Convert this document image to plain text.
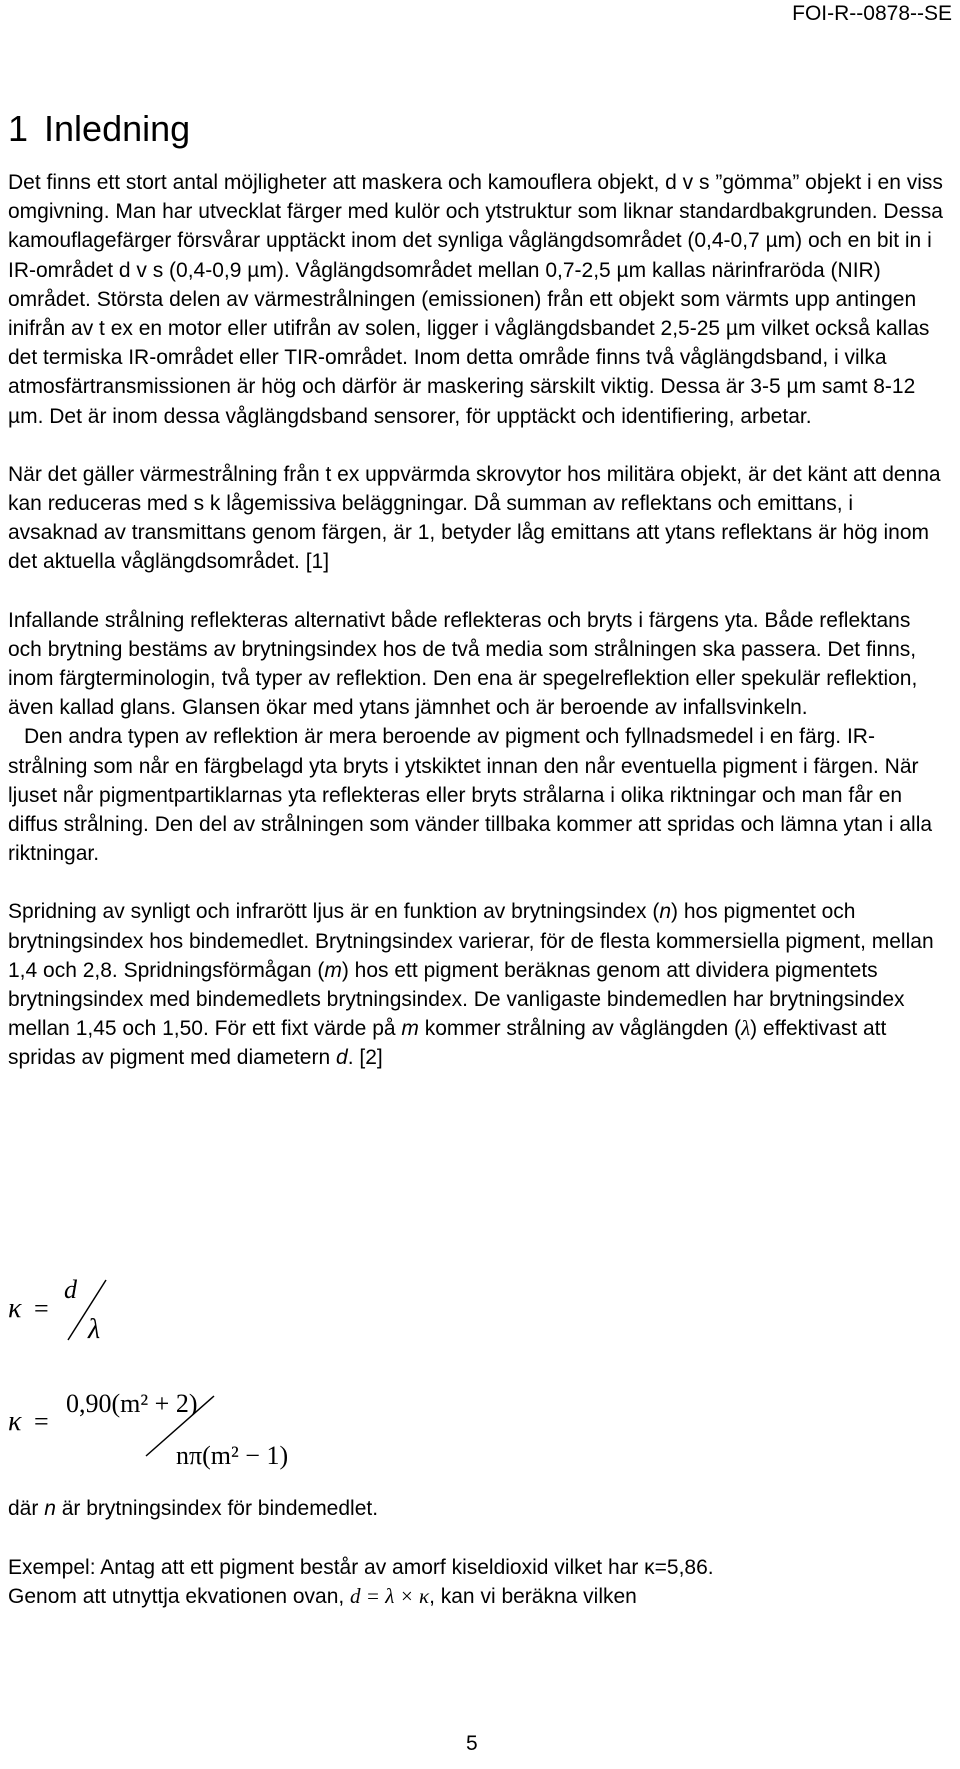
FOI-R--0878--SE
1 Inledning

Det finns ett stort antal möjligheter att maskera och kamouflera objekt, d v s ”gömma” objekt i en viss omgivning. Man har utvecklat färger med kulör och ytstruktur som liknar standardbakgrunden. Dessa kamouflagefärger försvårar upptäckt inom det synliga våglängdsområdet (0,4-0,7 µm) och en bit in i IR-området d v s (0,4-0,9 µm). Våglängdsområdet mellan 0,7-2,5 µm kallas närinfraröda (NIR) området. Största delen av värmestrålningen (emissionen) från ett objekt som värmts upp antingen inifrån av t ex en motor eller utifrån av solen, ligger i våglängdsbandet 2,5-25 µm vilket också kallas det termiska IR-området eller TIR-området. Inom detta område finns två våglängdsband, i vilka atmosfärtransmissionen är hög och därför är maskering särskilt viktig. Dessa är 3-5 µm samt 8-12 µm. Det är inom dessa våglängdsband sensorer, för upptäckt och identifiering, arbetar.

När det gäller värmestrålning från t ex uppvärmda skrovytor hos militära objekt, är det känt att denna kan reduceras med s k lågemissiva beläggningar. Då summan av reflektans och emittans, i avsaknad av transmittans genom färgen, är 1, betyder låg emittans att ytans reflektans är hög inom det aktuella våglängdsområdet. [1]

Infallande strålning reflekteras alternativt både reflekteras och bryts i färgens yta. Både reflektans och brytning bestäms av brytningsindex hos de två media som strålningen ska passera. Det finns, inom färgterminologin, två typer av reflektion. Den ena är spegelreflektion eller spekulär reflektion, även kallad glans. Glansen ökar med ytans jämnhet och är beroende av infallsvinkeln.

Den andra typen av reflektion är mera beroende av pigment och fyllnadsmedel i en färg. IR-strålning som når en färgbelagd yta bryts i ytskiktet innan den når eventuella pigment i färgen. När ljuset når pigmentpartiklarnas yta reflekteras eller bryts strålarna i olika riktningar och man får en diffus strålning. Den del av strålningen som vänder tillbaka kommer att spridas och lämna ytan i alla riktningar.

Spridning av synligt och infrarött ljus är en funktion av brytningsindex (n) hos pigmentet och brytningsindex hos bindemedlet. Brytningsindex varierar, för de flesta kommersiella pigment, mellan 1,4 och 2,8. Spridningsförmågan (m) hos ett pigment beräknas genom att dividera pigmentets brytningsindex med bindemedlets brytningsindex. De vanligaste bindemedlen har brytningsindex mellan 1,45 och 1,50. För ett fixt värde på m kommer strålning av våglängden (λ) effektivast att spridas av pigment med diametern d. [2]

κ =
d
λ
κ =
0,90(m² + 2)
nπ(m² − 1)

där n är brytningsindex för bindemedlet.

Exempel: Antag att ett pigment består av amorf kiseldioxid vilket har κ=5,86.

Genom att utnyttja ekvationen ovan, d = λ × κ, kan vi beräkna vilken

5
